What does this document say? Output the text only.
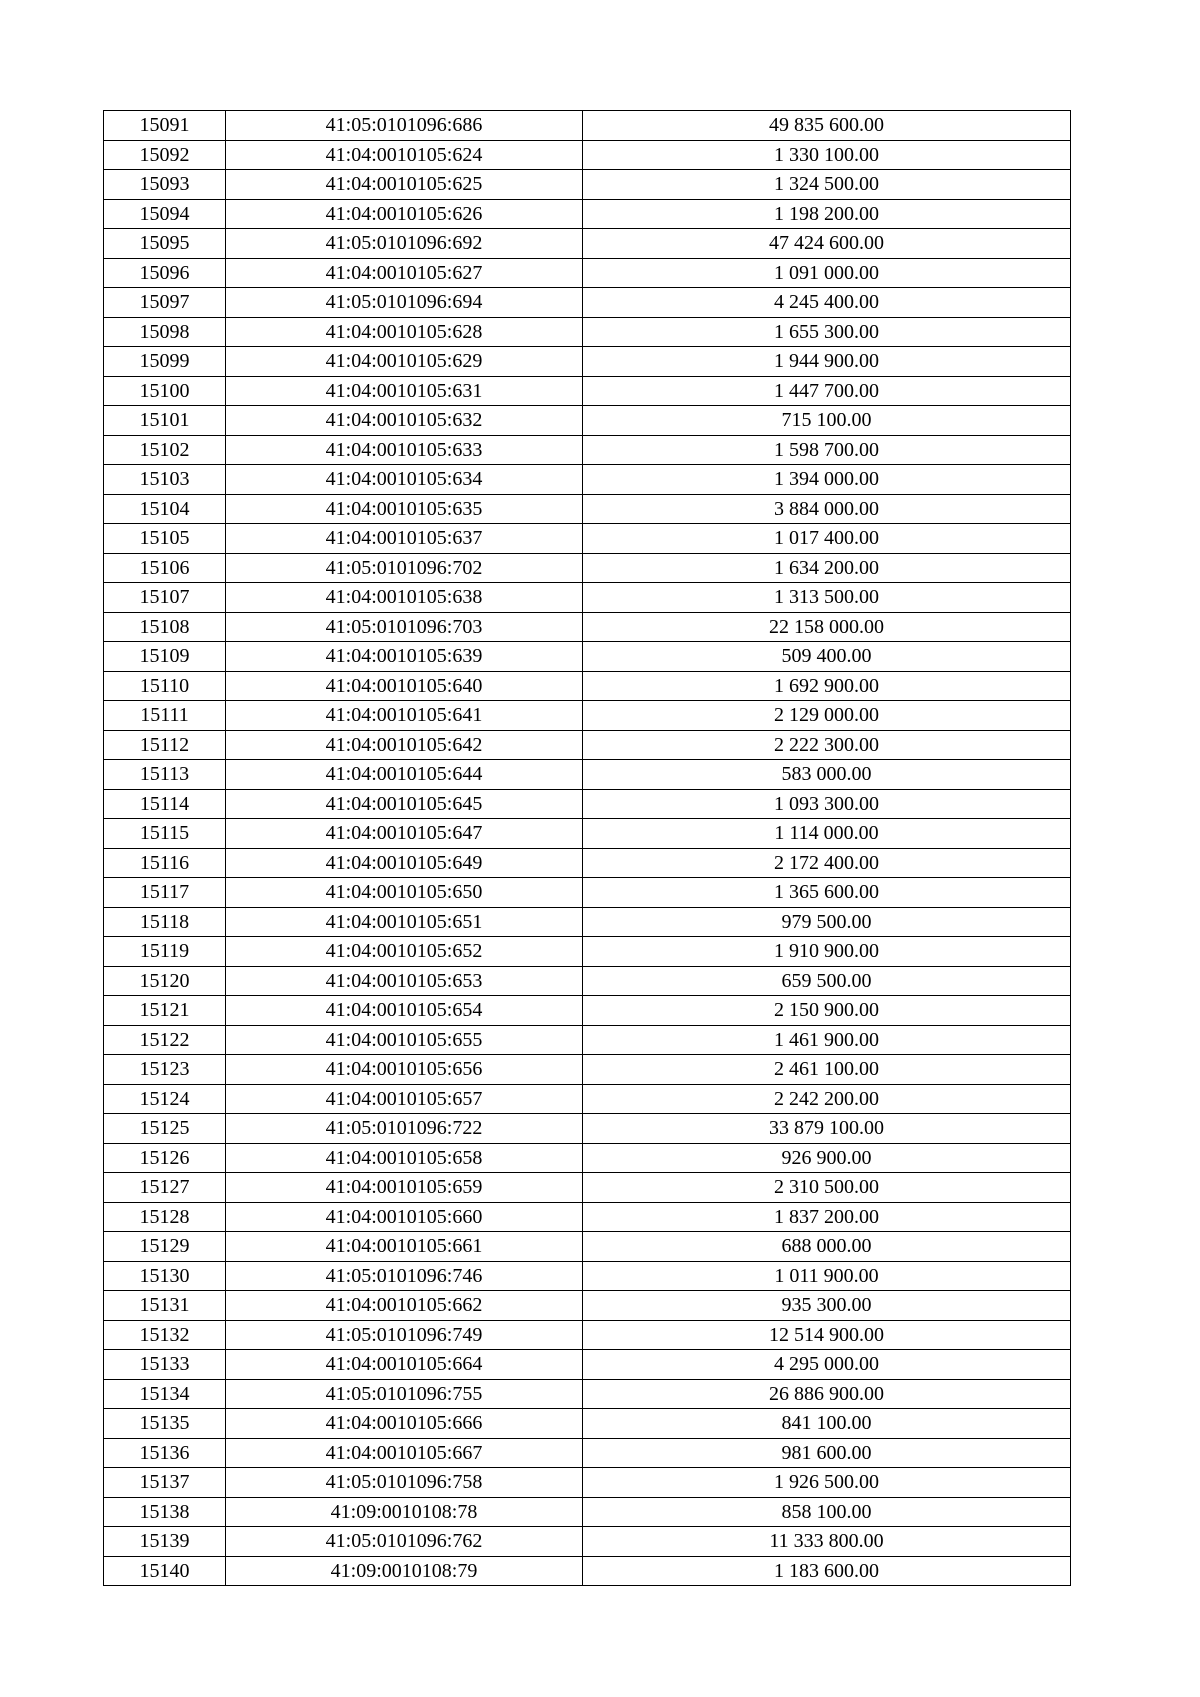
15091	41:05:0101096:686	49 835 600.00
15092	41:04:0010105:624	1 330 100.00
15093	41:04:0010105:625	1 324 500.00
15094	41:04:0010105:626	1 198 200.00
15095	41:05:0101096:692	47 424 600.00
15096	41:04:0010105:627	1 091 000.00
15097	41:05:0101096:694	4 245 400.00
15098	41:04:0010105:628	1 655 300.00
15099	41:04:0010105:629	1 944 900.00
15100	41:04:0010105:631	1 447 700.00
15101	41:04:0010105:632	715 100.00
15102	41:04:0010105:633	1 598 700.00
15103	41:04:0010105:634	1 394 000.00
15104	41:04:0010105:635	3 884 000.00
15105	41:04:0010105:637	1 017 400.00
15106	41:05:0101096:702	1 634 200.00
15107	41:04:0010105:638	1 313 500.00
15108	41:05:0101096:703	22 158 000.00
15109	41:04:0010105:639	509 400.00
15110	41:04:0010105:640	1 692 900.00
15111	41:04:0010105:641	2 129 000.00
15112	41:04:0010105:642	2 222 300.00
15113	41:04:0010105:644	583 000.00
15114	41:04:0010105:645	1 093 300.00
15115	41:04:0010105:647	1 114 000.00
15116	41:04:0010105:649	2 172 400.00
15117	41:04:0010105:650	1 365 600.00
15118	41:04:0010105:651	979 500.00
15119	41:04:0010105:652	1 910 900.00
15120	41:04:0010105:653	659 500.00
15121	41:04:0010105:654	2 150 900.00
15122	41:04:0010105:655	1 461 900.00
15123	41:04:0010105:656	2 461 100.00
15124	41:04:0010105:657	2 242 200.00
15125	41:05:0101096:722	33 879 100.00
15126	41:04:0010105:658	926 900.00
15127	41:04:0010105:659	2 310 500.00
15128	41:04:0010105:660	1 837 200.00
15129	41:04:0010105:661	688 000.00
15130	41:05:0101096:746	1 011 900.00
15131	41:04:0010105:662	935 300.00
15132	41:05:0101096:749	12 514 900.00
15133	41:04:0010105:664	4 295 000.00
15134	41:05:0101096:755	26 886 900.00
15135	41:04:0010105:666	841 100.00
15136	41:04:0010105:667	981 600.00
15137	41:05:0101096:758	1 926 500.00
15138	41:09:0010108:78	858 100.00
15139	41:05:0101096:762	11 333 800.00
15140	41:09:0010108:79	1 183 600.00
